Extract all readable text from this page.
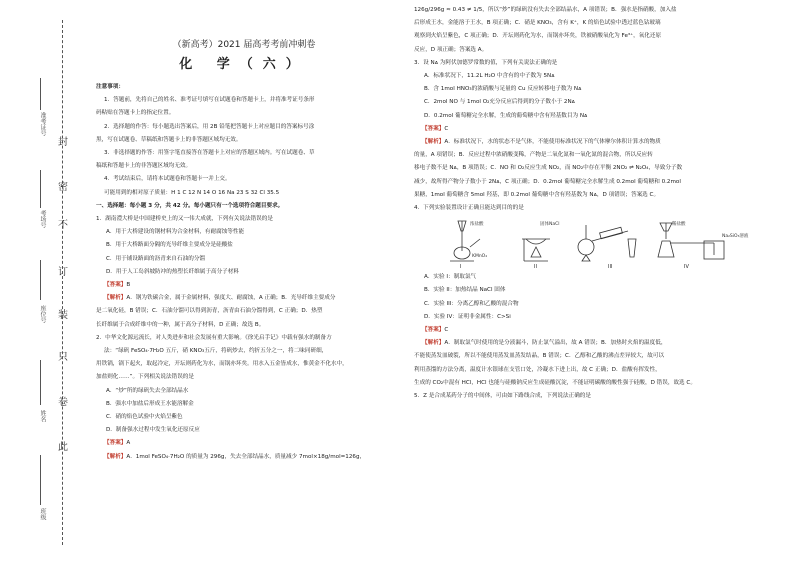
封
密
不
订
装
只
卷
此
准考证号
考场号
座位号
姓名
班级
（新高考）2021 届高考考前冲刺卷
化 学（六）

注意事项：

1．答题前，先将自己的姓名、准考证号填写在试题卷和答题卡上，并将准考证号条形

码粘贴在答题卡上的指定位置。

2．选择题的作答：每小题选出答案后，用 2B 铅笔把答题卡上对应题目的答案标号涂

黑，写在试题卷、草稿纸和答题卡上的非答题区域均无效。

3．非选择题的作答：用签字笔直接答在答题卡上对应的答题区域内。写在试题卷、草

稿纸和答题卡上的非答题区域均无效。

4．考试结束后，请将本试题卷和答题卡一并上交。

可能用到的相对原子质量：H 1 C 12 N 14 O 16 Na 23 S 32 Cl 35.5

一、选择题：每小题 3 分，共 42 分。每小题只有一个选项符合题目要求。

1．湖南澧大桥是中国建桥史上的又一伟大成就，下列有关说法错误的是

A．用于大桥建设的钢材料为合金材料，有耐腐蚀等性能

B．用于大桥路面分隔的光导纤维主要成分是硅酸盐

C．用于铺设路面的沥青来自石油的分馏

D．用于人工岛斜坡防冲的热塑长纤维属于高分子材料

【答案】B

【解析】A．钢为铁碳合金，属于金属材料，强度大、耐腐蚀，A 正确；B．光导纤维主要成分

是二氧化硅，B 错误；C．石油分馏可以得到沥青，沥青由石油分馏得到，C 正确；D．热塑

长纤维属于合成纤维中的一种，属于高分子材料，D 正确；故选 B。

2．中华文化源远流长，对人类进步和社会发展有重大影响。《徐光启手记》中载有强水的制备方

法：“绿矾 FeSO₄·7H₂O 五斤，硝 KNO₃五斤，将矾炒去，约折五分之一，将二味同研细，

用铁锅，锅下起火，取起冷定，开坛则药化为水，而锅亦坏矣。用水入五金皆成水，惟黄金不化水中，

加盐则化……”。下列相关说法错误的是

A．“炒”所的绿矾失去全部结晶水

B．强水中加盐后形成王水能溶解金

C．硝的焰色试验中火焰呈紫色

D．制备强水过程中发生氧化还原反应

【答案】A

【解析】A．1mol FeSO₄·7H₂O 的质量为 296g，失去全部结晶水，质量减少 7mol×18g/mol=126g，

126g/296g ≈ 0.43 ≠ 1/5，所以“炒”的绿矾没有失去全部结晶水，A 项错误；B．强水是指硝酸，加入盐

后形成王水，金能溶于王水，B 项正确；C．硝是 KNO₃，含有 K⁺，K 的焰色试验中透过蓝色钴玻璃

观察到火焰呈紫色，C 项正确；D．开坛则药化为水，而锅亦坏矣，铁被硝酸氧化为 Fe³⁺，氧化还原

反应，D 项正确；答案选 A。

3．设 Nᴀ 为阿伏加德罗常数的值，下列有关说法正确的是

A．标准状况下，11.2L H₂O 中含有的中子数为 5Nᴀ

B．含 1mol HNO₃的浓硝酸与足量的 Cu 反应转移电子数为 Nᴀ

C．2mol NO 与 1mol O₂充分反应后得到的分子数小于 2Nᴀ

D．0.2mol 葡萄糖完全水解，生成的葡萄糖中含有羟基数目为 Nᴀ

【答案】C

【解析】A．标准状况下，水的状态不是气体，不能使用标准状况下的气体摩尔体积计算水的物质

的量，A 项错误；B．反应过程中浓硝酸变稀，产物是二氧化氮和一氧化氮的混合物，所以反应转

移电子数不是 Nᴀ，B 项错误；C．NO 和 O₂反应生成 NO₂，而 NO₂中存在平衡 2NO₂ ⇌ N₂O₄，导致分子数

减少，故所得产物分子数小于 2Nᴀ，C 项正确；D．0.2mol 葡萄糖完全水解生成 0.2mol 葡萄糖和 0.2mol

果糖，1mol 葡萄糖含 5mol 羟基，即 0.2mol 葡萄糖中含有羟基数为 Nᴀ，D 项错误；答案选 C。

4．下列实验装置设计正确且能达到目的的是

浓盐酸
KMnO₄
I
固体NaCl
II	III
稀盐酸
Na₂SiO₃溶液
IV

A．实验 I：制取氯气

B．实验 II：加热结晶 NaCl 固体

C．实验 III：分离乙醇和乙酸的混合物

D．实验 IV：证明非金属性：C>Si

【答案】C

【解析】A．制取氯气时使用的是分液漏斗，防止氯气溢出，故 A 错误；B．加热时火焰的温度低，

不能使蒸发皿破裂，所以不能使用蒸发皿蒸发结晶，B 错误；C．乙醇和乙酸的沸点差异较大，故可以

利用蒸馏的方法分离，温度计水银球在支管口处，冷凝水下进上出，故 C 正确；D．盐酸有挥发性，

生成的 CO₂中混有 HCl，HCl 也能与硅酸钠反应生成硅酸沉淀，不能证明碳酸的酸性强于硅酸，D 错误，故选 C。

5．Z 是合成某药分子的中间体，可由如下路线合成，下列说法正确的是
